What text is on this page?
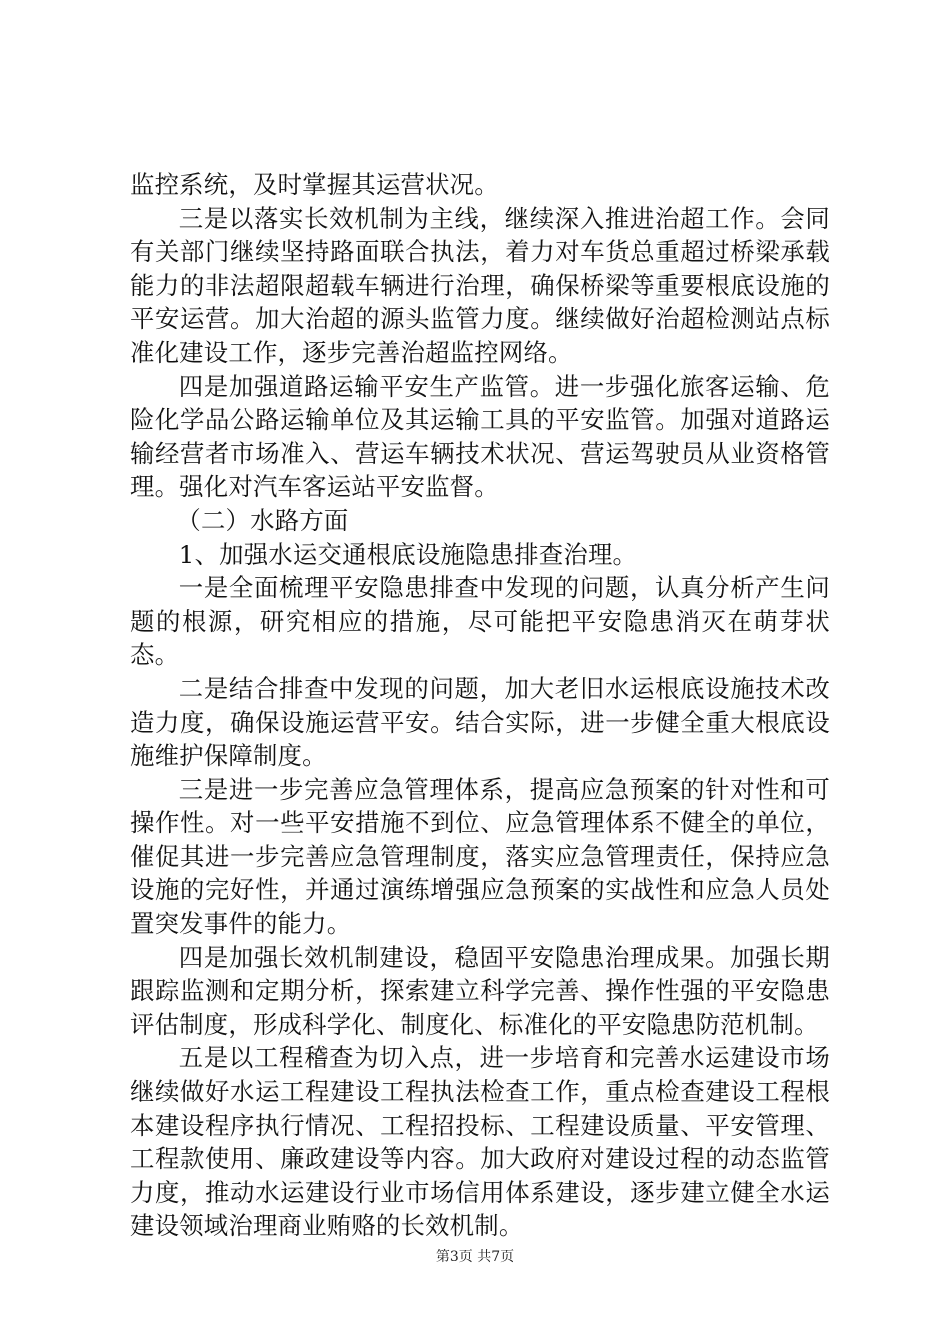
监控系统，及时掌握其运营状况。

三是以落实长效机制为主线，继续深入推进治超工作。会同有关部门继续坚持路面联合执法，着力对车货总重超过桥梁承载能力的非法超限超载车辆进行治理，确保桥梁等重要根底设施的平安运营。加大治超的源头监管力度。继续做好治超检测站点标准化建设工作，逐步完善治超监控网络。

四是加强道路运输平安生产监管。进一步强化旅客运输、危险化学品公路运输单位及其运输工具的平安监管。加强对道路运输经营者市场准入、营运车辆技术状况、营运驾驶员从业资格管理。强化对汽车客运站平安监督。

（二）水路方面

1、加强水运交通根底设施隐患排查治理。

一是全面梳理平安隐患排查中发现的问题，认真分析产生问题的根源，研究相应的措施，尽可能把平安隐患消灭在萌芽状态。

二是结合排查中发现的问题，加大老旧水运根底设施技术改造力度，确保设施运营平安。结合实际，进一步健全重大根底设施维护保障制度。

三是进一步完善应急管理体系，提高应急预案的针对性和可操作性。对一些平安措施不到位、应急管理体系不健全的单位，催促其进一步完善应急管理制度，落实应急管理责任，保持应急设施的完好性，并通过演练增强应急预案的实战性和应急人员处置突发事件的能力。

四是加强长效机制建设，稳固平安隐患治理成果。加强长期跟踪监测和定期分析，探索建立科学完善、操作性强的平安隐患评估制度，形成科学化、制度化、标准化的平安隐患防范机制。

五是以工程稽查为切入点，进一步培育和完善水运建设市场继续做好水运工程建设工程执法检查工作，重点检查建设工程根本建设程序执行情况、工程招投标、工程建设质量、平安管理、工程款使用、廉政建设等内容。加大政府对建设过程的动态监管力度，推动水运建设行业市场信用体系建设，逐步建立健全水运建设领域治理商业贿赂的长效机制。

第3页 共7页
